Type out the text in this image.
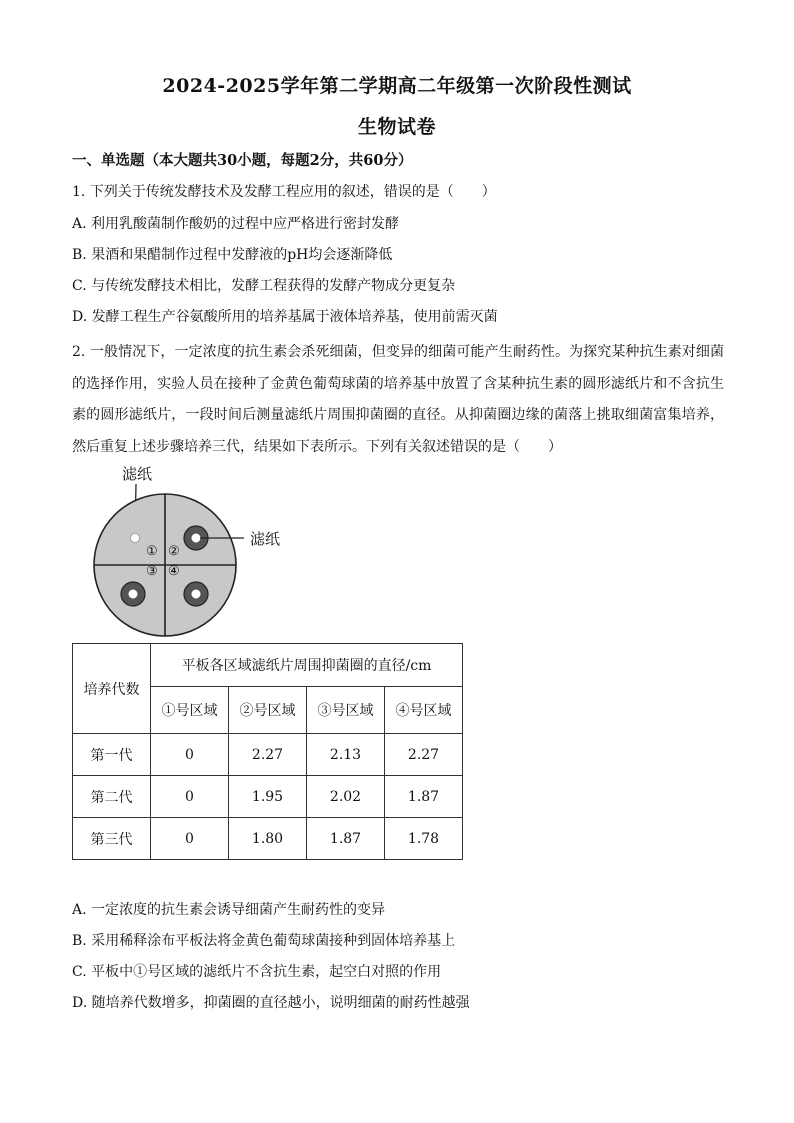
2024-2025学年第二学期高二年级第一次阶段性测试
生物试卷
一、单选题（本大题共30小题，每题2分，共60分）
1. 下列关于传统发酵技术及发酵工程应用的叙述，错误的是（　　）
A. 利用乳酸菌制作酸奶的过程中应严格进行密封发酵
B. 果酒和果醋制作过程中发酵液的pH均会逐渐降低
C. 与传统发酵技术相比，发酵工程获得的发酵产物成分更复杂
D. 发酵工程生产谷氨酸所用的培养基属于液体培养基，使用前需灭菌
2. 一般情况下，一定浓度的抗生素会杀死细菌，但变异的细菌可能产生耐药性。为探究某种抗生素对细菌的选择作用，实验人员在接种了金黄色葡萄球菌的培养基中放置了含某种抗生素的圆形滤纸片和不含抗生素的圆形滤纸片，一段时间后测量滤纸片周围抑菌圈的直径。从抑菌圈边缘的菌落上挑取细菌富集培养，然后重复上述步骤培养三代，结果如下表所示。下列有关叙述错误的是（　　）
滤纸
滤纸
① ②
③ ④
培养代数	平板各区域滤纸片周围抑菌圈的直径/cm			
	①号区域	②号区域	③号区域	④号区域
第一代	0	2.27	2.13	2.27
第二代	0	1.95	2.02	1.87
第三代	0	1.80	1.87	1.78
A. 一定浓度的抗生素会诱导细菌产生耐药性的变异
B. 采用稀释涂布平板法将金黄色葡萄球菌接种到固体培养基上
C. 平板中①号区域的滤纸片不含抗生素，起空白对照的作用
D. 随培养代数增多，抑菌圈的直径越小，说明细菌的耐药性越强
